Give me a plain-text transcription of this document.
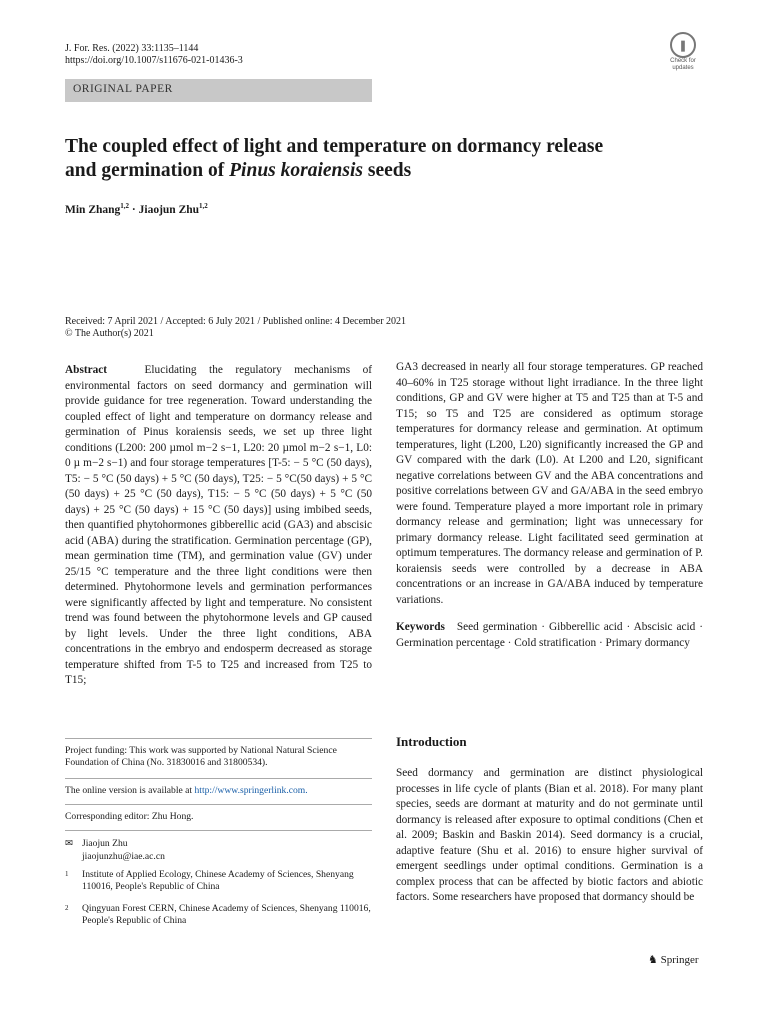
J. For. Res. (2022) 33:1135–1144
https://doi.org/10.1007/s11676-021-01436-3
❚
Check for
updates
ORIGINAL PAPER
The coupled effect of light and temperature on dormancy release
and germination of Pinus koraiensis seeds
Min Zhang$^{1,2}$ · Jiaojun Zhu$^{1,2}$
Received: 7 April 2021 / Accepted: 6 July 2021 / Published online: 4 December 2021
© The Author(s) 2021

Abstract	Elucidating the regulatory mechanisms of environmental factors on seed dormancy and germination will provide guidance for tree regeneration. Toward understanding the coupled effect of light and temperature on dormancy release and germination of Pinus koraiensis seeds, we set up three light conditions (L200: 200 µmol m−2 s−1, L20: 20 µmol m−2 s−1, L0: 0 µ m−2 s−1) and four storage temperatures [T-5: − 5 °C (50 days), T5: − 5 °C (50 days) + 5 °C (50 days), T25: − 5 °C(50 days) + 5 °C (50 days) + 25 °C (50 days), T15: − 5 °C (50 days) + 5 °C (50 days) + 25 °C (50 days) + 15 °C (50 days)] using imbibed seeds, then quantified phytohormones gibberellic acid (GA3) and abscisic acid (ABA) during the stratification. Germination percentage (GP), mean germination time (TM), and germination value (GV) under 25/15 °C temperature and the three light conditions were then determined. Phytohormone levels and germination performances were significantly affected by light and temperature. No consistent trend was found between the phytohormone levels and GP caused by light levels. Under the three light conditions, ABA concentrations in the embryo and endosperm decreased as storage temperature shifted from T-5 to T25 and increased from T25 to T15;

GA3 decreased in nearly all four storage temperatures. GP reached 40–60% in T25 storage without light irradiance. In the three light conditions, GP and GV were higher at T5 and T25 than at T-5 and T15; so T5 and T25 are considered as optimum storage temperatures for dormancy release and germination. At optimum temperatures, light (L200, L20) significantly increased the GP and GV compared with the dark (L0). At L200 and L20, significant negative correlations between GV and the ABA concentrations and positive correlations between GV and GA/ABA in the seed embryo were found. Temperature played a more important role in primary dormancy release and germination; light was unnecessary for primary dormancy release. Light facilitated seed germination at optimum temperatures. The dormancy release and germination of P. koraiensis seeds were controlled by a decrease in ABA concentrations or an increase in GA/ABA induced by temperature variations.

Keywords Seed germination · Gibberellic acid · Abscisic acid · Germination percentage · Cold stratification · Primary dormancy

Project funding: This work was supported by National Natural Science Foundation of China (No. 31830016 and 31800534).
The online version is available at http://www.springerlink.com.
Corresponding editor: Zhu Hong.
✉ Jiaojun Zhu
jiaojunzhu@iae.ac.cn
1	Institute of Applied Ecology, Chinese Academy of Sciences, Shenyang 110016, People's Republic of China
2	Qingyuan Forest CERN, Chinese Academy of Sciences, Shenyang 110016, People's Republic of China
Introduction
Seed dormancy and germination are distinct physiological processes in life cycle of plants (Bian et al. 2018). For many plant species, seeds are dormant at maturity and do not germinate until dormancy is released after exposure to optimal conditions (Chen et al. 2009; Baskin and Baskin 2014). Seed dormancy is a crucial, adaptive feature (Shu et al. 2016) to ensure higher survival of emergent seedlings under optimal conditions. Germination is a complex process that can be affected by biotic factors and abiotic factors. Some researchers have proposed that dormancy should be
♞ Springer
